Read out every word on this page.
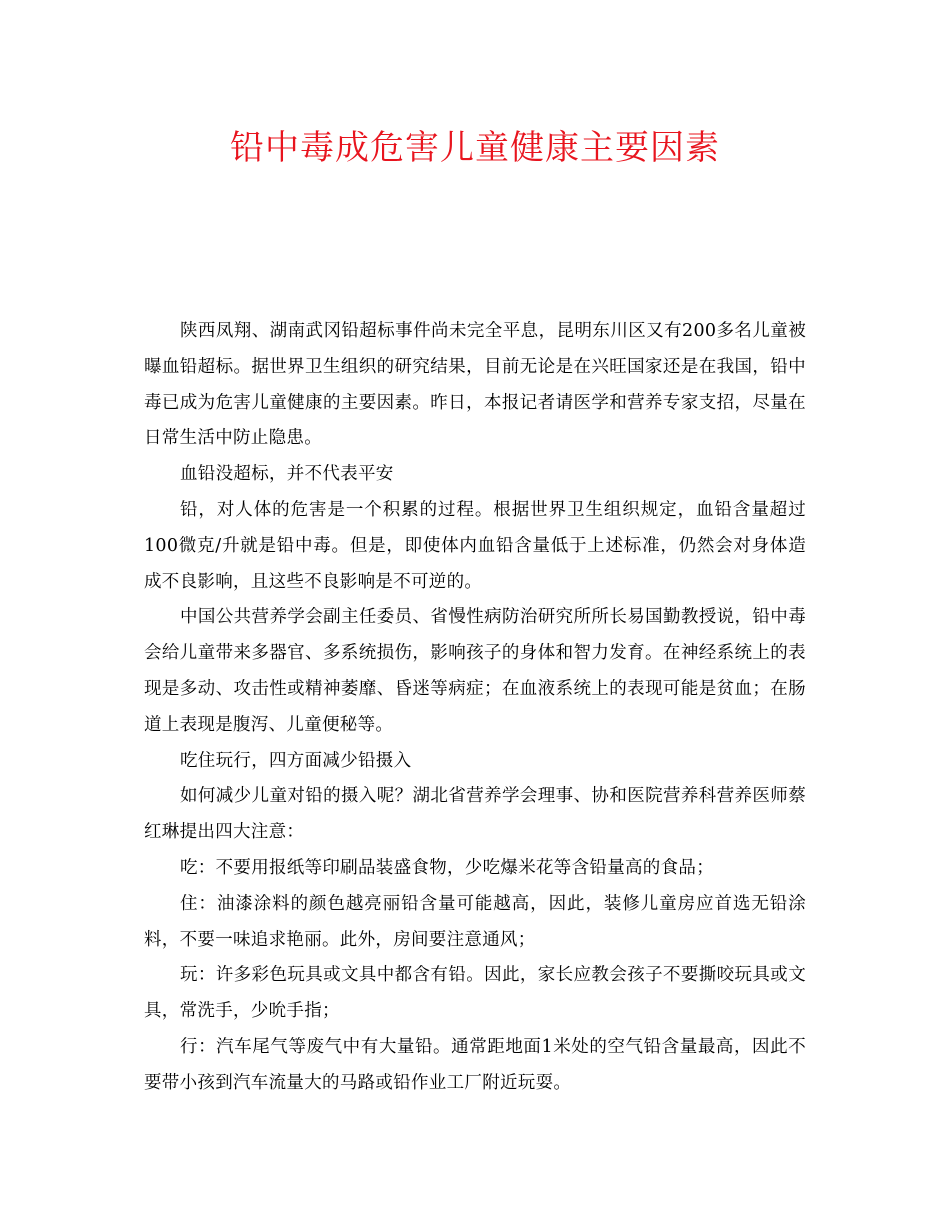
铅中毒成危害儿童健康主要因素

陕西凤翔、湖南武冈铅超标事件尚未完全平息，昆明东川区又有200多名儿童被曝血铅超标。据世界卫生组织的研究结果，目前无论是在兴旺国家还是在我国，铅中毒已成为危害儿童健康的主要因素。昨日，本报记者请医学和营养专家支招，尽量在日常生活中防止隐患。

血铅没超标，并不代表平安

铅，对人体的危害是一个积累的过程。根据世界卫生组织规定，血铅含量超过100微克/升就是铅中毒。但是，即使体内血铅含量低于上述标准，仍然会对身体造成不良影响，且这些不良影响是不可逆的。

中国公共营养学会副主任委员、省慢性病防治研究所所长易国勤教授说，铅中毒会给儿童带来多器官、多系统损伤，影响孩子的身体和智力发育。在神经系统上的表现是多动、攻击性或精神萎靡、昏迷等病症；在血液系统上的表现可能是贫血；在肠道上表现是腹泻、儿童便秘等。

吃住玩行，四方面减少铅摄入

如何减少儿童对铅的摄入呢？湖北省营养学会理事、协和医院营养科营养医师蔡红琳提出四大注意：

吃：不要用报纸等印刷品装盛食物，少吃爆米花等含铅量高的食品；

住：油漆涂料的颜色越亮丽铅含量可能越高，因此，装修儿童房应首选无铅涂料，不要一味追求艳丽。此外，房间要注意通风；

玩：许多彩色玩具或文具中都含有铅。因此，家长应教会孩子不要撕咬玩具或文具，常洗手，少吮手指；

行：汽车尾气等废气中有大量铅。通常距地面1米处的空气铅含量最高，因此不要带小孩到汽车流量大的马路或铅作业工厂附近玩耍。
